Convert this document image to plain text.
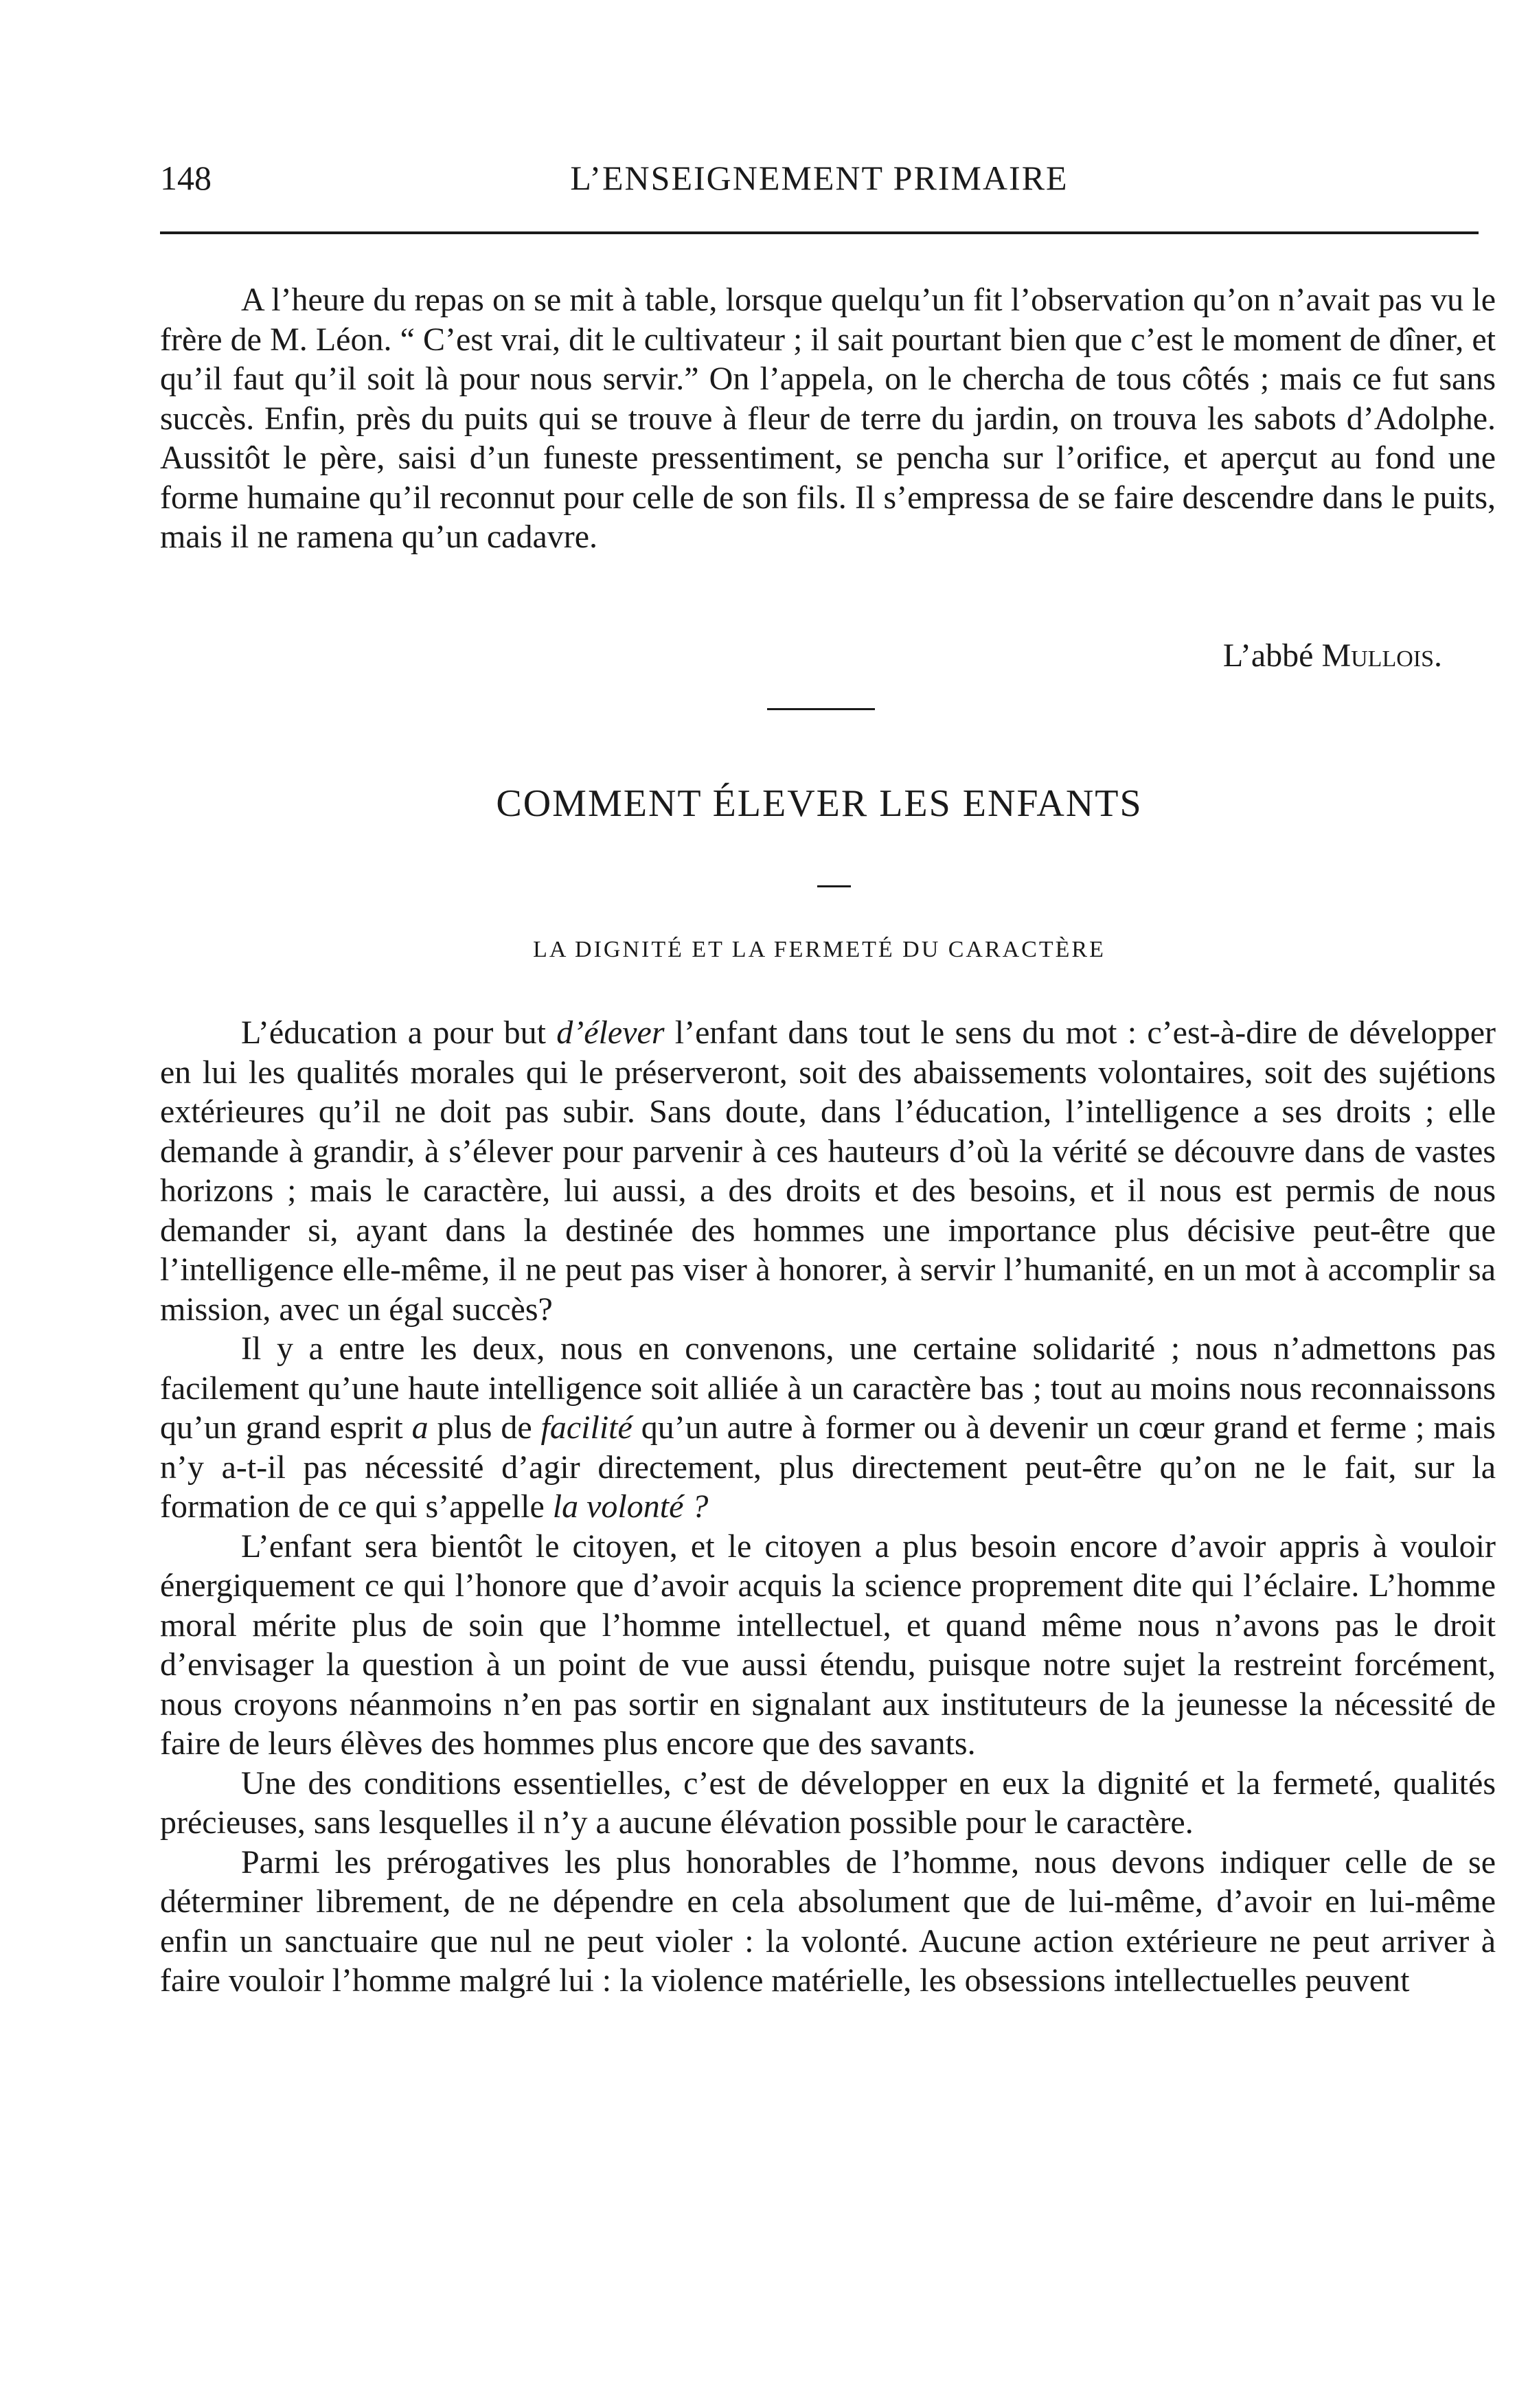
148	L’ENSEIGNEMENT PRIMAIRE

A l’heure du repas on se mit à table, lorsque quelqu’un fit l’observation qu’on n’avait pas vu le frère de M. Léon. “ C’est vrai, dit le cultivateur ; il sait pourtant bien que c’est le moment de dîner, et qu’il faut qu’il soit là pour nous servir.” On l’appela, on le chercha de tous côtés ; mais ce fut sans succès. Enfin, près du puits qui se trouve à fleur de terre du jardin, on trouva les sabots d’Adolphe. Aussitôt le père, saisi d’un funeste pressentiment, se pencha sur l’orifice, et aperçut au fond une forme humaine qu’il reconnut pour celle de son fils. Il s’empressa de se faire descendre dans le puits, mais il ne ramena qu’un cadavre.

L’abbé Mullois.
COMMENT ÉLEVER LES ENFANTS
LA DIGNITÉ ET LA FERMETÉ DU CARACTÈRE

L’éducation a pour but d’élever l’enfant dans tout le sens du mot : c’est-à-dire de développer en lui les qualités morales qui le préserveront, soit des abaissements volontaires, soit des sujétions extérieures qu’il ne doit pas subir. Sans doute, dans l’éducation, l’intelligence a ses droits ; elle demande à grandir, à s’élever pour parvenir à ces hauteurs d’où la vérité se découvre dans de vastes horizons ; mais le caractère, lui aussi, a des droits et des besoins, et il nous est permis de nous demander si, ayant dans la destinée des hommes une importance plus décisive peut-être que l’intelligence elle-même, il ne peut pas viser à honorer, à servir l’humanité, en un mot à accomplir sa mission, avec un égal succès?

Il y a entre les deux, nous en convenons, une certaine solidarité ; nous n’admettons pas facilement qu’une haute intelligence soit alliée à un caractère bas ; tout au moins nous reconnaissons qu’un grand esprit a plus de facilité qu’un autre à former ou à devenir un cœur grand et ferme ; mais n’y a-t-il pas nécessité d’agir directement, plus directement peut-être qu’on ne le fait, sur la formation de ce qui s’appelle la volonté ?

L’enfant sera bientôt le citoyen, et le citoyen a plus besoin encore d’avoir appris à vouloir énergiquement ce qui l’honore que d’avoir acquis la science proprement dite qui l’éclaire. L’homme moral mérite plus de soin que l’homme intellectuel, et quand même nous n’avons pas le droit d’envisager la question à un point de vue aussi étendu, puisque notre sujet la restreint forcément, nous croyons néanmoins n’en pas sortir en signalant aux instituteurs de la jeunesse la nécessité de faire de leurs élèves des hommes plus encore que des savants.

Une des conditions essentielles, c’est de développer en eux la dignité et la fermeté, qualités précieuses, sans lesquelles il n’y a aucune élévation possible pour le caractère.

Parmi les prérogatives les plus honorables de l’homme, nous devons indiquer celle de se déterminer librement, de ne dépendre en cela absolument que de lui-même, d’avoir en lui-même enfin un sanctuaire que nul ne peut violer : la volonté. Aucune action extérieure ne peut arriver à faire vouloir l’homme malgré lui : la violence matérielle, les obsessions intellectuelles peuvent
